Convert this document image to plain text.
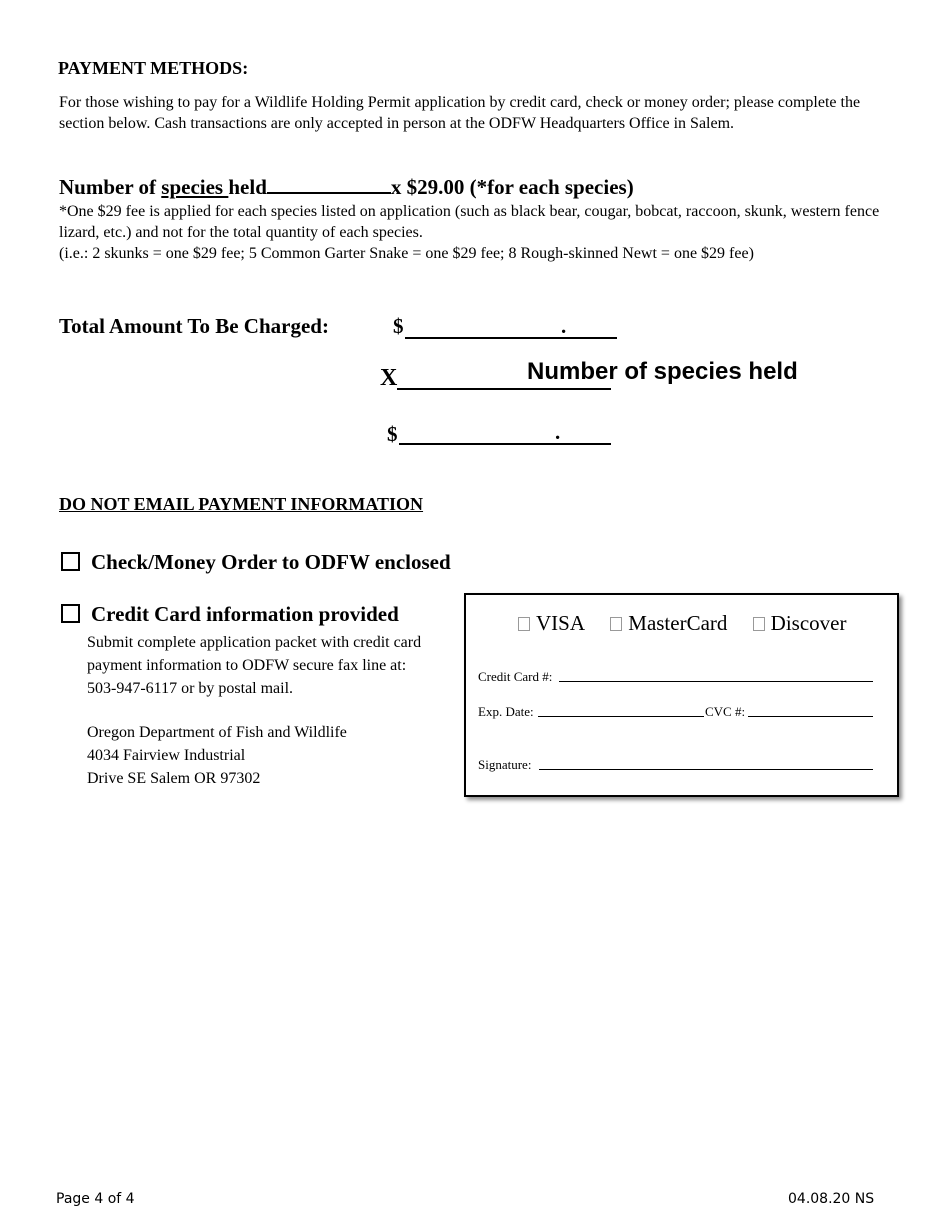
PAYMENT METHODS:
For those wishing to pay for a Wildlife Holding Permit application by credit card, check or money order; please complete the section below. Cash transactions are only accepted in person at the ODFW Headquarters Office in Salem.
Number of species held	x $29.00 (*for each species)
*One $29 fee is applied for each species listed on application (such as black bear, cougar, bobcat, raccoon, skunk, western fence lizard, etc.) and not for the total quantity of each species.
(i.e.: 2 skunks = one $29 fee; 5 Common Garter Snake = one $29 fee; 8 Rough-skinned Newt = one $29 fee)
Total Amount To Be Charged:	$	.
X	Number of species held
$	.
DO NOT EMAIL PAYMENT INFORMATION
Check/Money Order to ODFW enclosed
Credit Card information provided
Submit complete application packet with credit card payment information to ODFW secure fax line at: 503-947-6117 or by postal mail.
Oregon Department of Fish and Wildlife
4034 Fairview Industrial
Drive SE Salem OR 97302
VISA MasterCard Discover
Credit Card #:
Exp. Date:	CVC #:
Signature:
Page 4 of 4	04.08.20 NS
